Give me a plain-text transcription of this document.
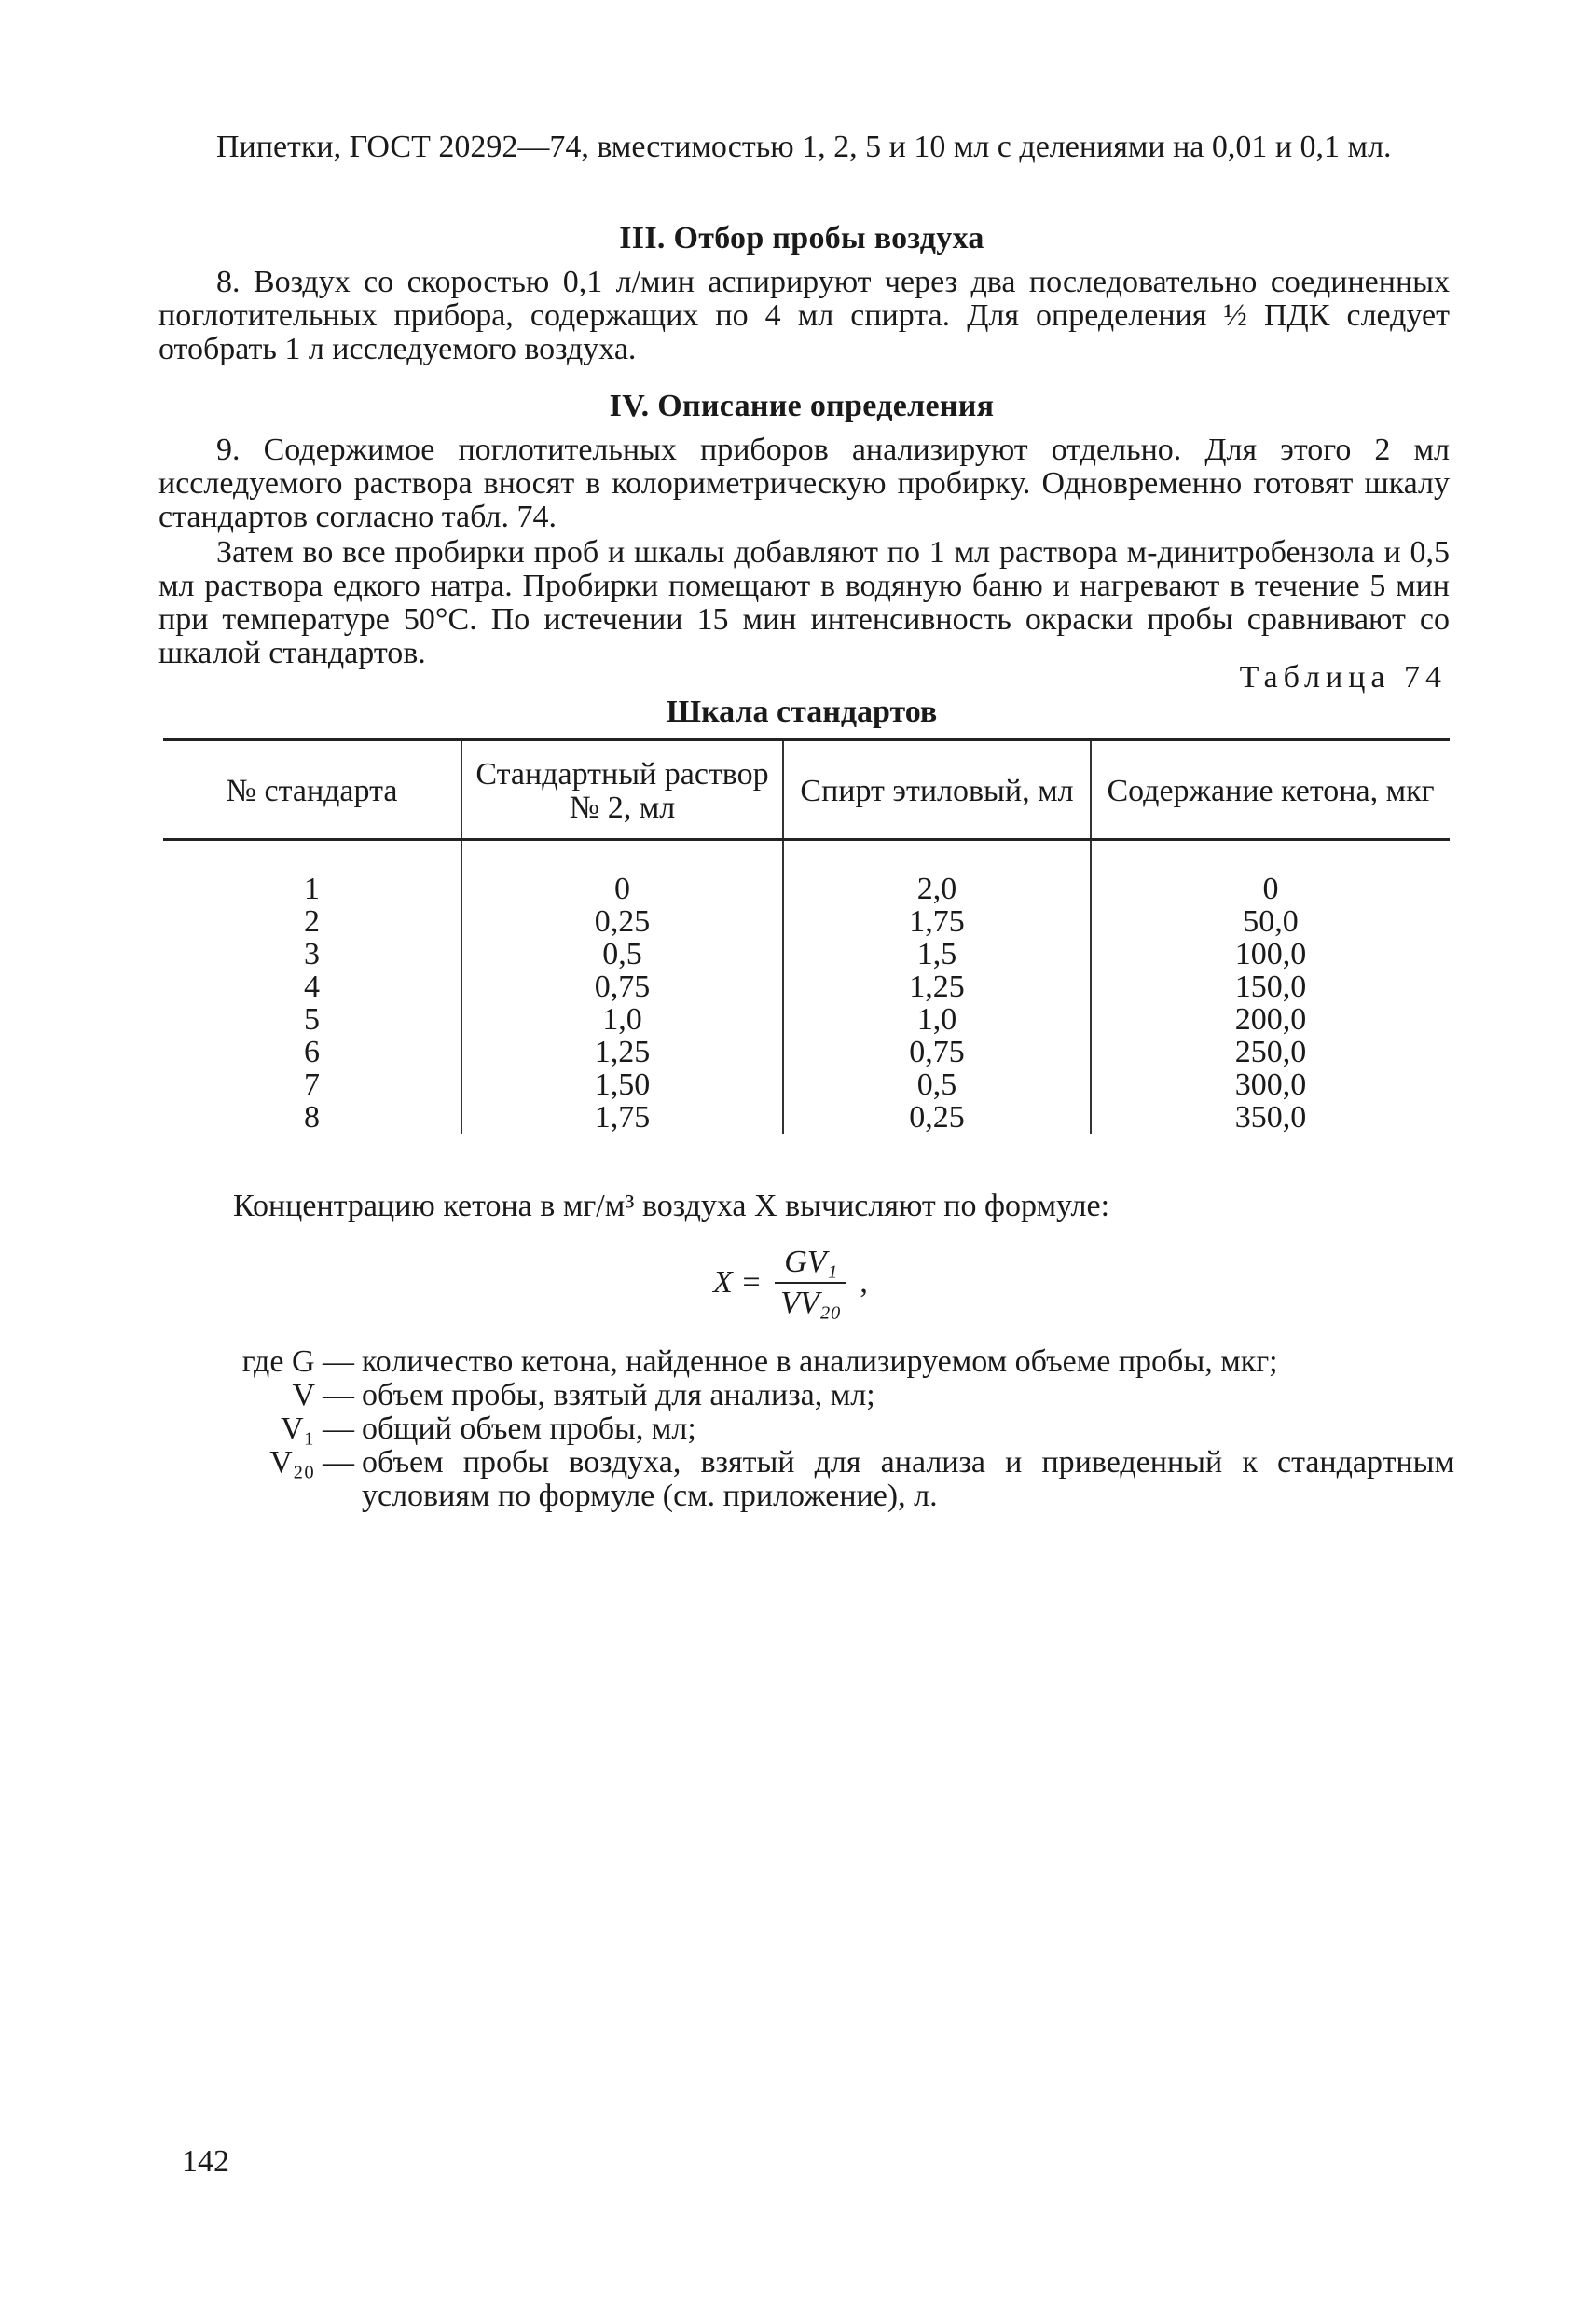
Пипетки, ГОСТ 20292—74, вместимостью 1, 2, 5 и 10 мл с делениями на 0,01 и 0,1 мл.
III. Отбор пробы воздуха
8. Воздух со скоростью 0,1 л/мин аспирируют через два последовательно соединенных поглотительных прибора, содержащих по 4 мл спирта. Для определения ½ ПДК следует отобрать 1 л исследуемого воздуха.
IV. Описание определения
9. Содержимое поглотительных приборов анализируют отдельно. Для этого 2 мл исследуемого раствора вносят в колориметрическую пробирку. Одновременно готовят шкалу стандартов согласно табл. 74.
Затем во все пробирки проб и шкалы добавляют по 1 мл раствора м-динитробензола и 0,5 мл раствора едкого натра. Пробирки помещают в водяную баню и нагревают в течение 5 мин при температуре 50°C. По истечении 15 мин интенсивность окраски пробы сравнивают со шкалой стандартов.
Таблица 74
Шкала стандартов
№ стандарта	Стандартный раствор № 2, мл	Спирт этиловый, мл	Содержание кетона, мкг
1	0	2,0	0
2	0,25	1,75	50,0
3	0,5	1,5	100,0
4	0,75	1,25	150,0
5	1,0	1,0	200,0
6	1,25	0,75	250,0
7	1,50	0,5	300,0
8	1,75	0,25	350,0
Концентрацию кетона в мг/м³ воздуха X вычисляют по формуле:
$X = \frac{\text{GV₁}}{\text{VV₂₀}}$ ,
где G — количество кетона, найденное в анализируемом объеме пробы, мкг;
V — объем пробы, взятый для анализа, мл;
V₁ — общий объем пробы, мл;
V₂₀ — объем пробы воздуха, взятый для анализа и приведенный к стандартным условиям по формуле (см. приложение), л.
142
